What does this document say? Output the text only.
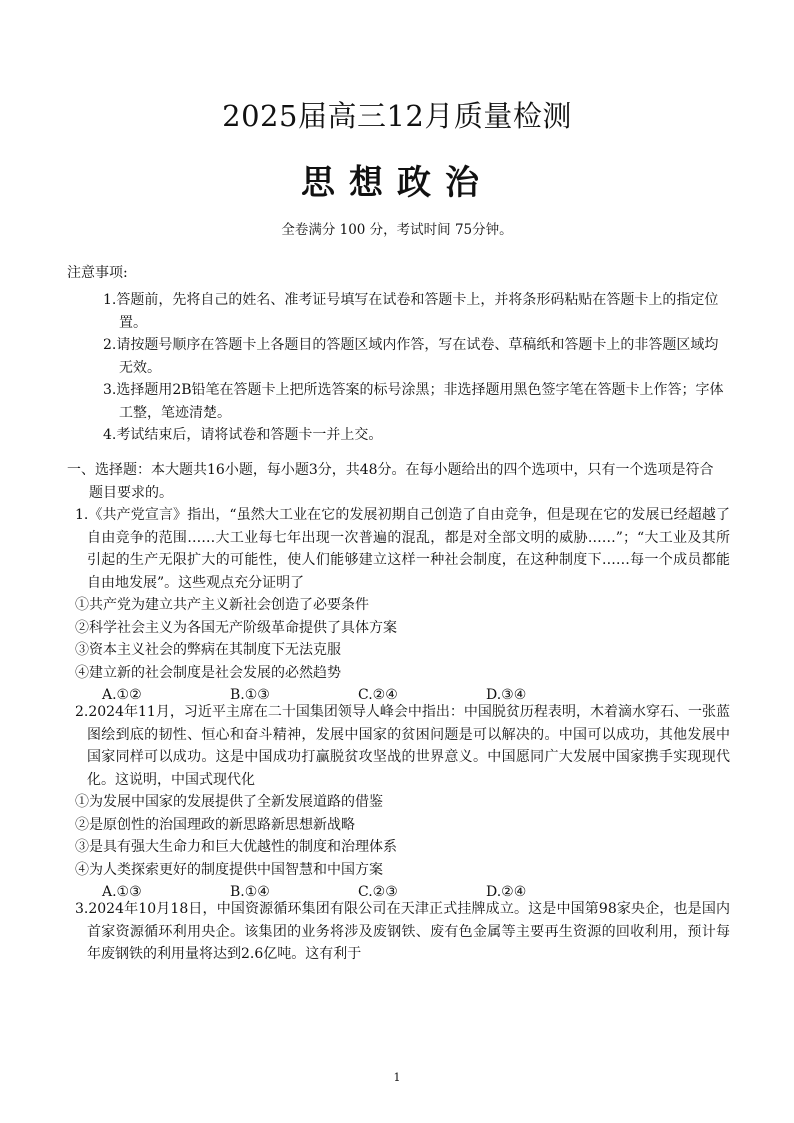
2025届高三12月质量检测
思想政治
全卷满分 100 分，考试时间 75分钟。
注意事项:

1.答题前，先将自己的姓名、准考证号填写在试卷和答题卡上，并将条形码粘贴在答题卡上的指定位置。

2.请按题号顺序在答题卡上各题目的答题区域内作答，写在试卷、草稿纸和答题卡上的非答题区域均无效。

3.选择题用2B铅笔在答题卡上把所选答案的标号涂黑；非选择题用黑色签字笔在答题卡上作答；字体工整，笔迹清楚。

4.考试结束后，请将试卷和答题卡一并上交。

一、选择题：本大题共16小题，每小题3分，共48分。在每小题给出的四个选项中，只有一个选项是符合题目要求的。

1.《共产党宣言》指出，“虽然大工业在它的发展初期自己创造了自由竞争，但是现在它的发展已经超越了自由竞争的范围……大工业每七年出现一次普遍的混乱，都是对全部文明的威胁……”；“大工业及其所引起的生产无限扩大的可能性，使人们能够建立这样一种社会制度，在这种制度下……每一个成员都能自由地发展”。这些观点充分证明了

①共产党为建立共产主义新社会创造了必要条件

②科学社会主义为各国无产阶级革命提供了具体方案

③资本主义社会的弊病在其制度下无法克服

④建立新的社会制度是社会发展的必然趋势

A.①②	B.①③	C.②④	D.③④

2.2024年11月，习近平主席在二十国集团领导人峰会中指出：中国脱贫历程表明，木着滴水穿石、一张蓝图绘到底的韧性、恒心和奋斗精神，发展中国家的贫困问题是可以解决的。中国可以成功，其他发展中国家同样可以成功。这是中国成功打赢脱贫攻坚战的世界意义。中国愿同广大发展中国家携手实现现代化。这说明，中国式现代化

①为发展中国家的发展提供了全新发展道路的借鉴

②是原创性的治国理政的新思路新思想新战略

③是具有强大生命力和巨大优越性的制度和治理体系

④为人类探索更好的制度提供中国智慧和中国方案

A.①③	B.①④	C.②③	D.②④

3.2024年10月18日，中国资源循环集团有限公司在天津正式挂牌成立。这是中国第98家央企，也是国内首家资源循环利用央企。该集团的业务将涉及废钢铁、废有色金属等主要再生资源的回收利用，预计每年废钢铁的利用量将达到2.6亿吨。这有利于

1
